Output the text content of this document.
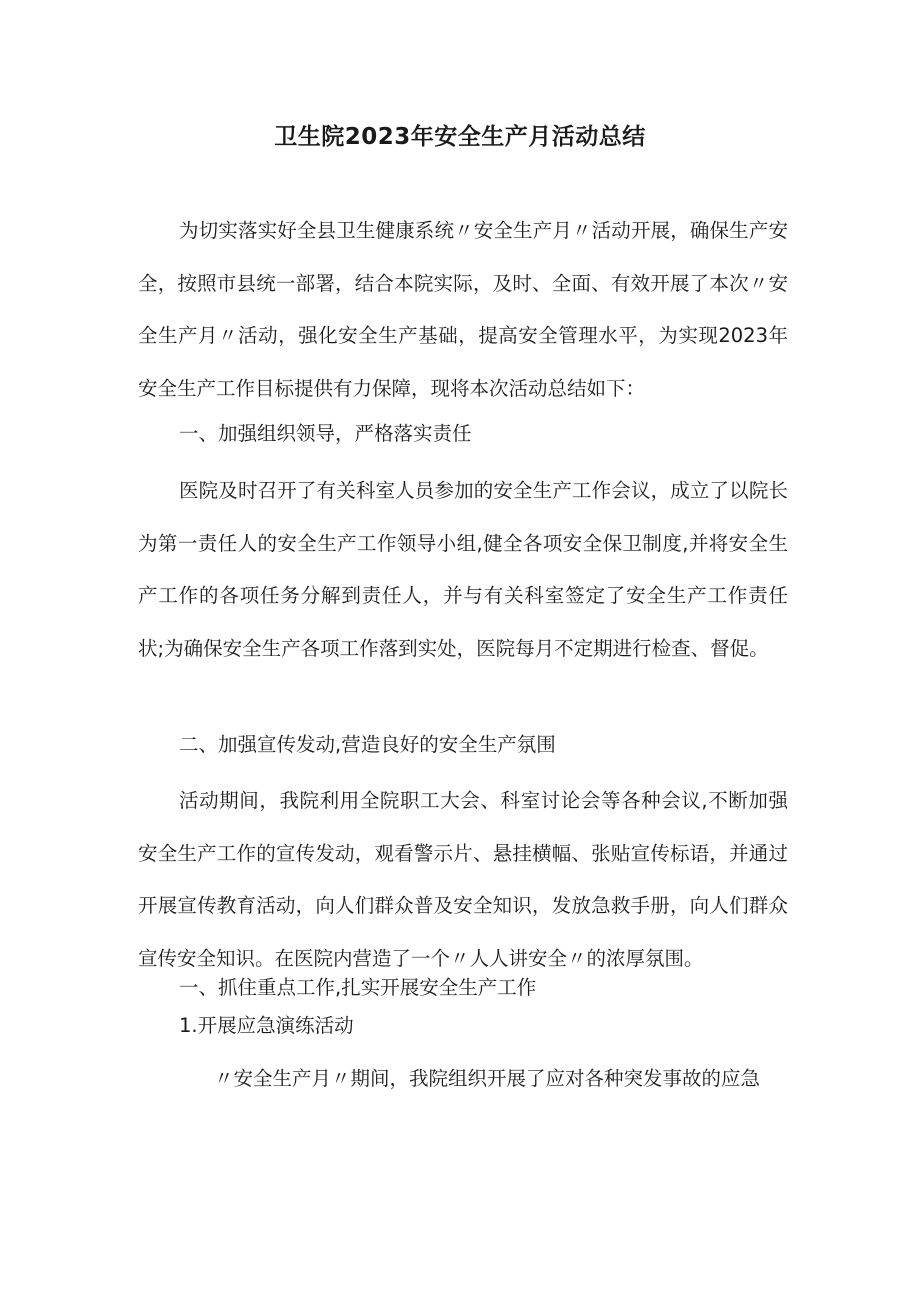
卫生院2023年安全生产月活动总结

为切实落实好全县卫生健康系统〃安全生产月〃活动开展，确保生产安全，按照市县统一部署，结合本院实际，及时、全面、有效开展了本次〃安全生产月〃活动，强化安全生产基础，提高安全管理水平，为实现2023年安全生产工作目标提供有力保障，现将本次活动总结如下：

一、加强组织领导，严格落实责任

医院及时召开了有关科室人员参加的安全生产工作会议，成立了以院长为第一责任人的安全生产工作领导小组,健全各项安全保卫制度,并将安全生产工作的各项任务分解到责任人，并与有关科室签定了安全生产工作责任状;为确保安全生产各项工作落到实处，医院每月不定期进行检查、督促。

二、加强宣传发动,营造良好的安全生产氛围

活动期间，我院利用全院职工大会、科室讨论会等各种会议,不断加强安全生产工作的宣传发动，观看警示片、悬挂横幅、张贴宣传标语，并通过开展宣传教育活动，向人们群众普及安全知识，发放急救手册，向人们群众宣传安全知识。在医院内营造了一个〃人人讲安全〃的浓厚氛围。

一、抓住重点工作,扎实开展安全生产工作

1.开展应急演练活动

〃安全生产月〃期间，我院组织开展了应对各种突发事故的应急
